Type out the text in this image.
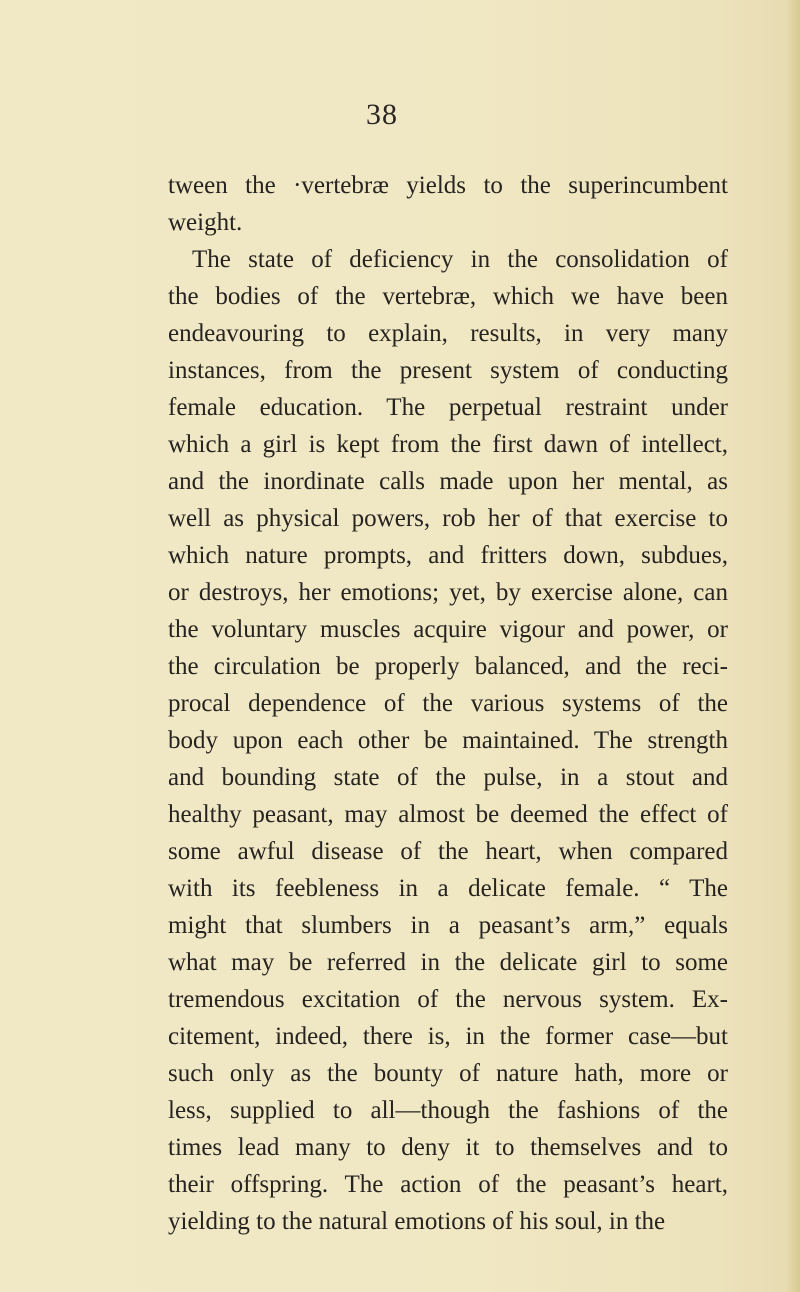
38
tween the ·vertebræ yields to the superincumbent
weight.
The state of deficiency in the consolidation of
the bodies of the vertebræ, which we have been
endeavouring to explain, results, in very many
instances, from the present system of conducting
female education. The perpetual restraint under
which a girl is kept from the first dawn of intellect,
and the inordinate calls made upon her mental, as
well as physical powers, rob her of that exercise to
which nature prompts, and fritters down, subdues,
or destroys, her emotions; yet, by exercise alone, can
the voluntary muscles acquire vigour and power, or
the circulation be properly balanced, and the reci-
procal dependence of the various systems of the
body upon each other be maintained. The strength
and bounding state of the pulse, in a stout and
healthy peasant, may almost be deemed the effect of
some awful disease of the heart, when compared
with its feebleness in a delicate female. “ The
might that slumbers in a peasant’s arm,” equals
what may be referred in the delicate girl to some
tremendous excitation of the nervous system. Ex-
citement, indeed, there is, in the former case—but
such only as the bounty of nature hath, more or
less, supplied to all—though the fashions of the
times lead many to deny it to themselves and to
their offspring. The action of the peasant’s heart,
yielding to the natural emotions of his soul, in the
